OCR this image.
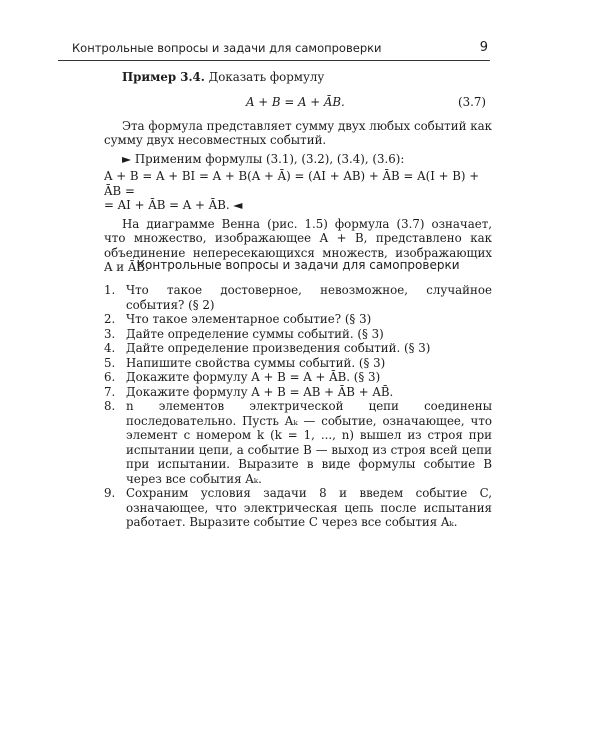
Контрольные вопросы и задачи для самопроверки	9

Пример 3.4. Доказать формулу

A + B = A + ĀB.	(3.7)

Эта формула представляет сумму двух любых событий как сумму двух несовместных событий.

► Применим формулы (3.1), (3.2), (3.4), (3.6):

A + B = A + BI = A + B(A + Ā) = (AI + AB) + ĀB = A(I + B) + ĀB =

= AI + ĀB = A + ĀB. ◄

На диаграмме Венна (рис. 1.5) формула (3.7) означает, что множество, изображающее A + B, представлено как объединение непересекающихся множеств, изображающих A и ĀB.

Контрольные вопросы и задачи для самопроверки

1. Что такое достоверное, невозможное, случайное события? (§ 2)

2. Что такое элементарное событие? (§ 3)

3. Дайте определение суммы событий. (§ 3)

4. Дайте определение произведения событий. (§ 3)

5. Напишите свойства суммы событий. (§ 3)

6. Докажите формулу A + B = A + ĀB. (§ 3)

7. Докажите формулу A + B = AB + ĀB + AB̄.

8. n элементов электрической цепи соединены последовательно. Пусть Aₖ — событие, означающее, что элемент с номером k (k = 1, ..., n) вышел из строя при испытании цепи, а событие B — выход из строя всей цепи при испытании. Выразите в виде формулы событие B через все события Aₖ.

9. Сохраним условия задачи 8 и введем событие C, означающее, что электрическая цепь после испытания работает. Выразите событие C через все события Aₖ.
